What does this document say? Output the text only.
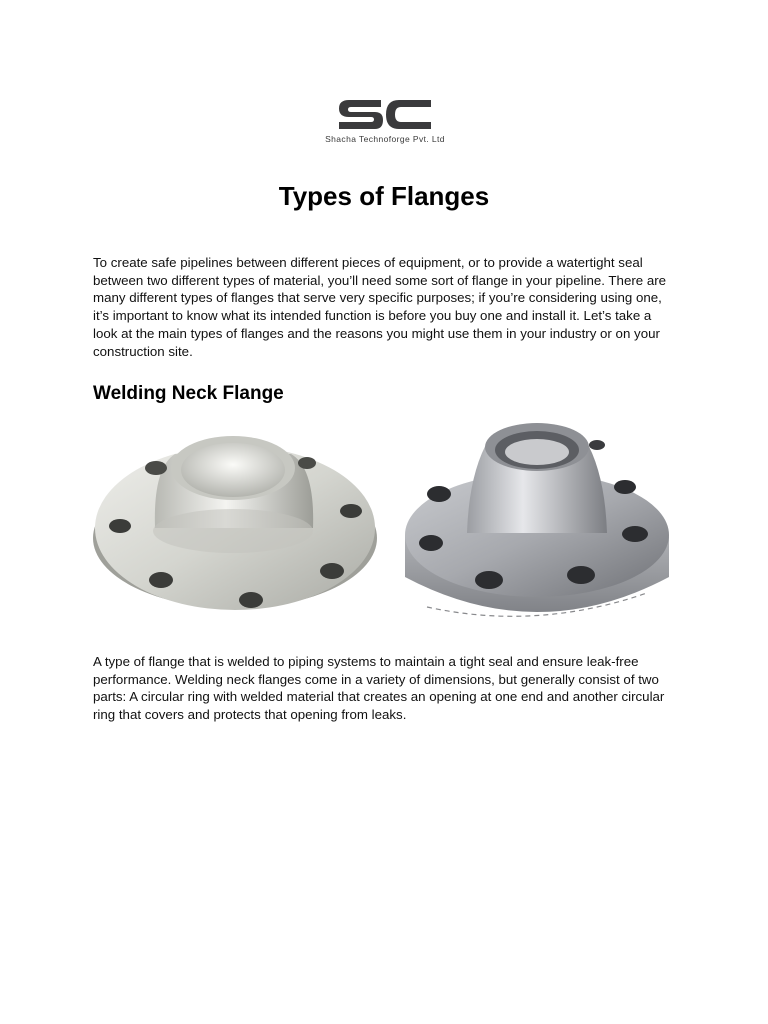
Shacha Technoforge Pvt. Ltd
Types of Flanges

To create safe pipelines between different pieces of equipment, or to provide a watertight seal between two different types of material, you’ll need some sort of flange in your pipeline. There are many different types of flanges that serve very specific purposes; if you’re considering using one, it’s important to know what its intended function is before you buy one and install it. Let’s take a look at the main types of flanges and the reasons you might use them in your industry or on your construction site.

Welding Neck Flange

A type of flange that is welded to piping systems to maintain a tight seal and ensure leak-free performance. Welding neck flanges come in a variety of dimensions, but generally consist of two parts: A circular ring with welded material that creates an opening at one end and another circular ring that covers and protects that opening from leaks.
